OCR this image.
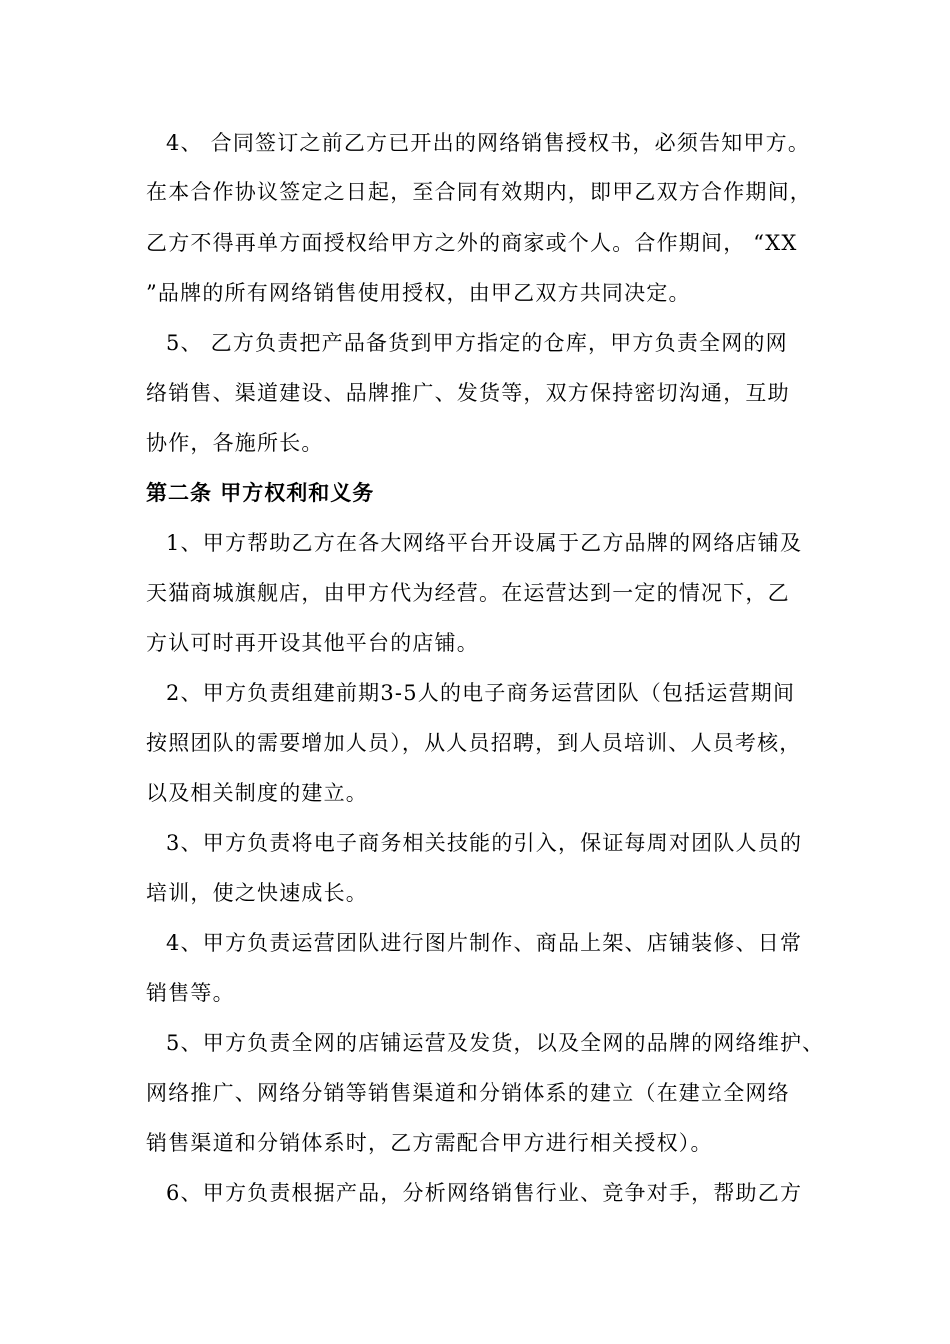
4、 合同签订之前乙方已开出的网络销售授权书，必须告知甲方。
在本合作协议签定之日起，至合同有效期内，即甲乙双方合作期间，
乙方不得再单方面授权给甲方之外的商家或个人。合作期间， “XX
”品牌的所有网络销售使用授权，由甲乙双方共同决定。
5、 乙方负责把产品备货到甲方指定的仓库，甲方负责全网的网
络销售、渠道建设、品牌推广、发货等，双方保持密切沟通，互助
协作，各施所长。
第二条 甲方权利和义务
1、甲方帮助乙方在各大网络平台开设属于乙方品牌的网络店铺及
天猫商城旗舰店，由甲方代为经营。在运营达到一定的情况下，乙
方认可时再开设其他平台的店铺。
2、甲方负责组建前期3-5人的电子商务运营团队（包括运营期间
按照团队的需要增加人员），从人员招聘，到人员培训、人员考核，
以及相关制度的建立。
3、甲方负责将电子商务相关技能的引入，保证每周对团队人员的
培训，使之快速成长。
4、甲方负责运营团队进行图片制作、商品上架、店铺装修、日常
销售等。
5、甲方负责全网的店铺运营及发货，以及全网的品牌的网络维护、
网络推广、网络分销等销售渠道和分销体系的建立（在建立全网络
销售渠道和分销体系时，乙方需配合甲方进行相关授权）。
6、甲方负责根据产品，分析网络销售行业、竞争对手，帮助乙方
